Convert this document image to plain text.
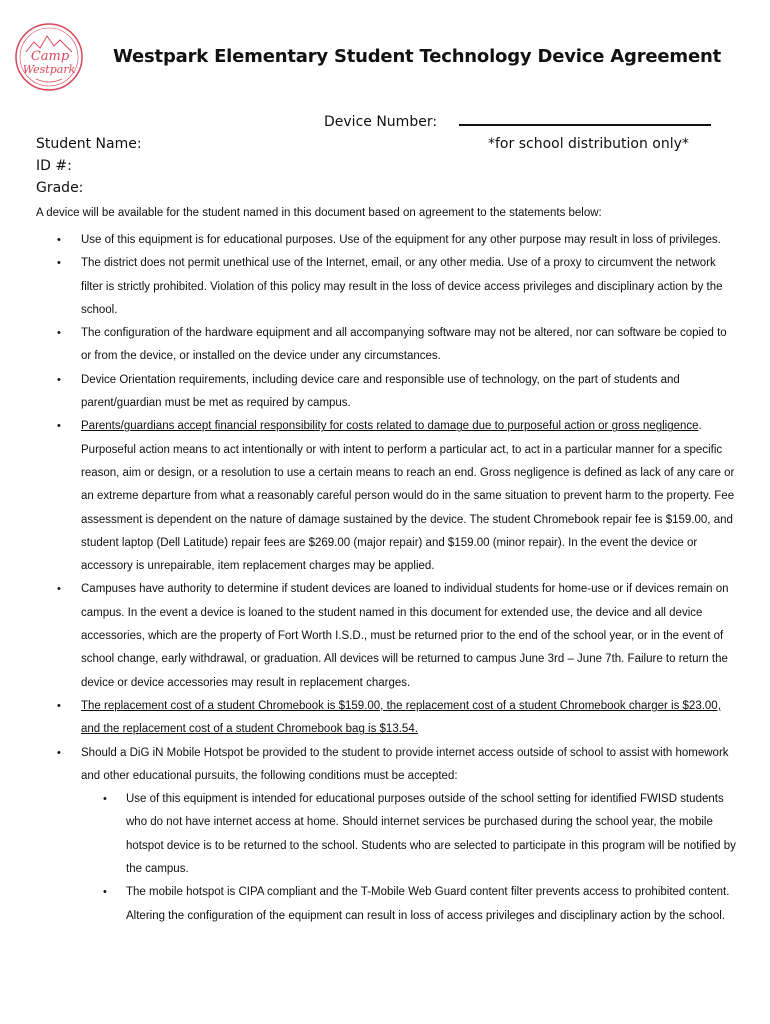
Camp
Westpark
Westpark Elementary Student Technology Device Agreement
Device Number:
*for school distribution only*
Student Name:
ID #:
Grade:
A device will be available for the student named in this document based on agreement to the statements below:
• Use of this equipment is for educational purposes. Use of the equipment for any other purpose may result in loss of privileges.
• The district does not permit unethical use of the Internet, email, or any other media. Use of a proxy to circumvent the network filter is strictly prohibited. Violation of this policy may result in the loss of device access privileges and disciplinary action by the school.
• The configuration of the hardware equipment and all accompanying software may not be altered, nor can software be copied to or from the device, or installed on the device under any circumstances.
• Device Orientation requirements, including device care and responsible use of technology, on the part of students and parent/guardian must be met as required by campus.
• Parents/guardians accept financial responsibility for costs related to damage due to purposeful action or gross negligence. Purposeful action means to act intentionally or with intent to perform a particular act, to act in a particular manner for a specific reason, aim or design, or a resolution to use a certain means to reach an end. Gross negligence is defined as lack of any care or an extreme departure from what a reasonably careful person would do in the same situation to prevent harm to the property. Fee assessment is dependent on the nature of damage sustained by the device. The student Chromebook repair fee is $159.00, and student laptop (Dell Latitude) repair fees are $269.00 (major repair) and $159.00 (minor repair). In the event the device or accessory is unrepairable, item replacement charges may be applied.
• Campuses have authority to determine if student devices are loaned to individual students for home-use or if devices remain on campus. In the event a device is loaned to the student named in this document for extended use, the device and all device accessories, which are the property of Fort Worth I.S.D., must be returned prior to the end of the school year, or in the event of school change, early withdrawal, or graduation. All devices will be returned to campus June 3rd – June 7th. Failure to return the device or device accessories may result in replacement charges.
• The replacement cost of a student Chromebook is $159.00, the replacement cost of a student Chromebook charger is $23.00, and the replacement cost of a student Chromebook bag is $13.54.
• Should a DiG iN Mobile Hotspot be provided to the student to provide internet access outside of school to assist with homework and other educational pursuits, the following conditions must be accepted:
• Use of this equipment is intended for educational purposes outside of the school setting for identified FWISD students who do not have internet access at home. Should internet services be purchased during the school year, the mobile hotspot device is to be returned to the school. Students who are selected to participate in this program will be notified by the campus.
• The mobile hotspot is CIPA compliant and the T-Mobile Web Guard content filter prevents access to prohibited content. Altering the configuration of the equipment can result in loss of access privileges and disciplinary action by the school.
